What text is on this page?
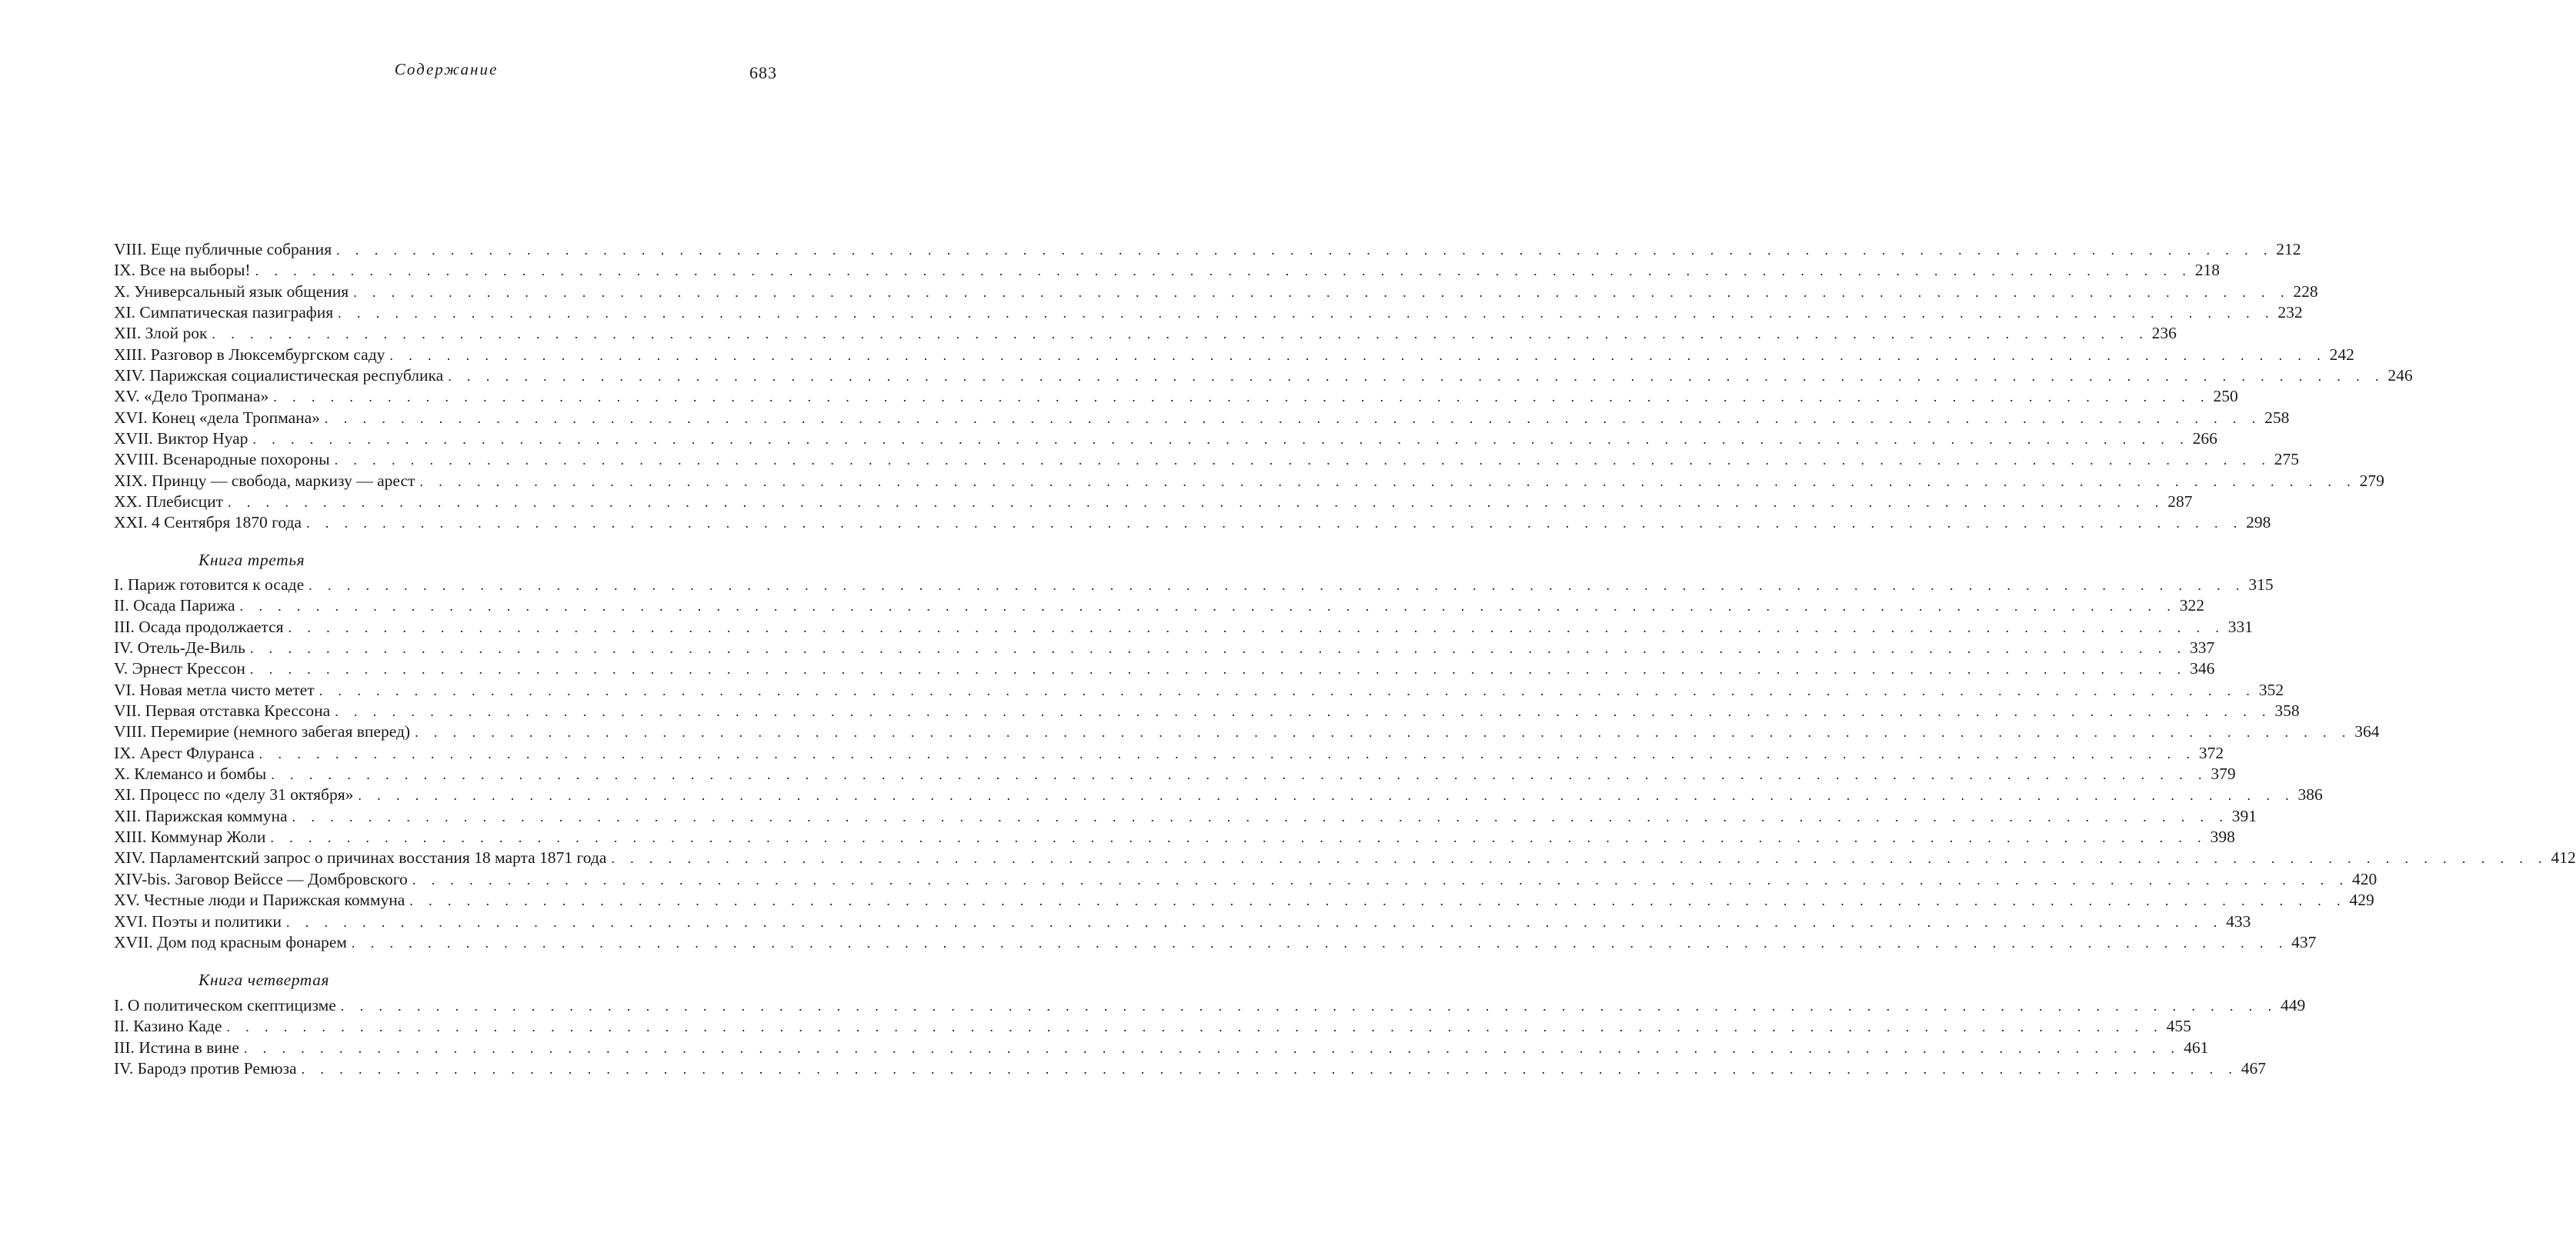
Содержание	683
VIII. Еще публичные собрания . . . . . . . . . . . . . . . . . . . . . . . . . . . . . . . . . . . . . . . . . . . . . . . . . . . . . . . . . . . . . . . . . . . . . . . . . . . . . . . . . . . . . . . . . . . . . . . . . . . . . . 212
IX. Все на выборы! . . . . . . . . . . . . . . . . . . . . . . . . . . . . . . . . . . . . . . . . . . . . . . . . . . . . . . . . . . . . . . . . . . . . . . . . . . . . . . . . . . . . . . . . . . . . . . . . . . . . . . 218
X. Универсальный язык общения . . . . . . . . . . . . . . . . . . . . . . . . . . . . . . . . . . . . . . . . . . . . . . . . . . . . . . . . . . . . . . . . . . . . . . . . . . . . . . . . . . . . . . . . . . . . . . . . . . . . . . 228
XI. Симпатическая пазиграфия . . . . . . . . . . . . . . . . . . . . . . . . . . . . . . . . . . . . . . . . . . . . . . . . . . . . . . . . . . . . . . . . . . . . . . . . . . . . . . . . . . . . . . . . . . . . . . . . . . . . . . 232
XII. Злой рок . . . . . . . . . . . . . . . . . . . . . . . . . . . . . . . . . . . . . . . . . . . . . . . . . . . . . . . . . . . . . . . . . . . . . . . . . . . . . . . . . . . . . . . . . . . . . . . . . . . . . . 236
XIII. Разговор в Люксембургском саду . . . . . . . . . . . . . . . . . . . . . . . . . . . . . . . . . . . . . . . . . . . . . . . . . . . . . . . . . . . . . . . . . . . . . . . . . . . . . . . . . . . . . . . . . . . . . . . . . . . . . . 242
XIV. Парижская социалистическая республика . . . . . . . . . . . . . . . . . . . . . . . . . . . . . . . . . . . . . . . . . . . . . . . . . . . . . . . . . . . . . . . . . . . . . . . . . . . . . . . . . . . . . . . . . . . . . . . . . . . . . . 246
XV. «Дело Тропмана» . . . . . . . . . . . . . . . . . . . . . . . . . . . . . . . . . . . . . . . . . . . . . . . . . . . . . . . . . . . . . . . . . . . . . . . . . . . . . . . . . . . . . . . . . . . . . . . . . . . . . . 250
XVI. Конец «дела Тропмана» . . . . . . . . . . . . . . . . . . . . . . . . . . . . . . . . . . . . . . . . . . . . . . . . . . . . . . . . . . . . . . . . . . . . . . . . . . . . . . . . . . . . . . . . . . . . . . . . . . . . . . 258
XVII. Виктор Нуар . . . . . . . . . . . . . . . . . . . . . . . . . . . . . . . . . . . . . . . . . . . . . . . . . . . . . . . . . . . . . . . . . . . . . . . . . . . . . . . . . . . . . . . . . . . . . . . . . . . . . . 266
XVIII. Всенародные похороны . . . . . . . . . . . . . . . . . . . . . . . . . . . . . . . . . . . . . . . . . . . . . . . . . . . . . . . . . . . . . . . . . . . . . . . . . . . . . . . . . . . . . . . . . . . . . . . . . . . . . . 275
XIX. Принцу — свобода, маркизу — арест . . . . . . . . . . . . . . . . . . . . . . . . . . . . . . . . . . . . . . . . . . . . . . . . . . . . . . . . . . . . . . . . . . . . . . . . . . . . . . . . . . . . . . . . . . . . . . . . . . . . . . 279
XX. Плебисцит . . . . . . . . . . . . . . . . . . . . . . . . . . . . . . . . . . . . . . . . . . . . . . . . . . . . . . . . . . . . . . . . . . . . . . . . . . . . . . . . . . . . . . . . . . . . . . . . . . . . . . 287
XXI. 4 Сентября 1870 года . . . . . . . . . . . . . . . . . . . . . . . . . . . . . . . . . . . . . . . . . . . . . . . . . . . . . . . . . . . . . . . . . . . . . . . . . . . . . . . . . . . . . . . . . . . . . . . . . . . . . . 298
Книга третья
I. Париж готовится к осаде . . . . . . . . . . . . . . . . . . . . . . . . . . . . . . . . . . . . . . . . . . . . . . . . . . . . . . . . . . . . . . . . . . . . . . . . . . . . . . . . . . . . . . . . . . . . . . . . . . . . . . 315
II. Осада Парижа . . . . . . . . . . . . . . . . . . . . . . . . . . . . . . . . . . . . . . . . . . . . . . . . . . . . . . . . . . . . . . . . . . . . . . . . . . . . . . . . . . . . . . . . . . . . . . . . . . . . . . 322
III. Осада продолжается . . . . . . . . . . . . . . . . . . . . . . . . . . . . . . . . . . . . . . . . . . . . . . . . . . . . . . . . . . . . . . . . . . . . . . . . . . . . . . . . . . . . . . . . . . . . . . . . . . . . . . 331
IV. Отель-Де-Виль . . . . . . . . . . . . . . . . . . . . . . . . . . . . . . . . . . . . . . . . . . . . . . . . . . . . . . . . . . . . . . . . . . . . . . . . . . . . . . . . . . . . . . . . . . . . . . . . . . . . . . 337
V. Эрнест Крессон . . . . . . . . . . . . . . . . . . . . . . . . . . . . . . . . . . . . . . . . . . . . . . . . . . . . . . . . . . . . . . . . . . . . . . . . . . . . . . . . . . . . . . . . . . . . . . . . . . . . . . 346
VI. Новая метла чисто метет . . . . . . . . . . . . . . . . . . . . . . . . . . . . . . . . . . . . . . . . . . . . . . . . . . . . . . . . . . . . . . . . . . . . . . . . . . . . . . . . . . . . . . . . . . . . . . . . . . . . . . 352
VII. Первая отставка Крессона . . . . . . . . . . . . . . . . . . . . . . . . . . . . . . . . . . . . . . . . . . . . . . . . . . . . . . . . . . . . . . . . . . . . . . . . . . . . . . . . . . . . . . . . . . . . . . . . . . . . . . 358
VIII. Перемирие (немного забегая вперед) . . . . . . . . . . . . . . . . . . . . . . . . . . . . . . . . . . . . . . . . . . . . . . . . . . . . . . . . . . . . . . . . . . . . . . . . . . . . . . . . . . . . . . . . . . . . . . . . . . . . . . 364
IX. Арест Флуранса . . . . . . . . . . . . . . . . . . . . . . . . . . . . . . . . . . . . . . . . . . . . . . . . . . . . . . . . . . . . . . . . . . . . . . . . . . . . . . . . . . . . . . . . . . . . . . . . . . . . . . 372
X. Клемансо и бомбы . . . . . . . . . . . . . . . . . . . . . . . . . . . . . . . . . . . . . . . . . . . . . . . . . . . . . . . . . . . . . . . . . . . . . . . . . . . . . . . . . . . . . . . . . . . . . . . . . . . . . . 379
XI. Процесс по «делу 31 октября» . . . . . . . . . . . . . . . . . . . . . . . . . . . . . . . . . . . . . . . . . . . . . . . . . . . . . . . . . . . . . . . . . . . . . . . . . . . . . . . . . . . . . . . . . . . . . . . . . . . . . . 386
XII. Парижская коммуна . . . . . . . . . . . . . . . . . . . . . . . . . . . . . . . . . . . . . . . . . . . . . . . . . . . . . . . . . . . . . . . . . . . . . . . . . . . . . . . . . . . . . . . . . . . . . . . . . . . . . . 391
XIII. Коммунар Жоли . . . . . . . . . . . . . . . . . . . . . . . . . . . . . . . . . . . . . . . . . . . . . . . . . . . . . . . . . . . . . . . . . . . . . . . . . . . . . . . . . . . . . . . . . . . . . . . . . . . . . . 398
XIV. Парламентский запрос о причинах восстания 18 марта 1871 года . . . . . . . . . . . . . . . . . . . . . . . . . . . . . . . . . . . . . . . . . . . . . . . . . . . . . . . . . . . . . . . . . . . . . . . . . . . . . . . . . . . . . . . . . . . . . . . . . . . . . . 412
XIV-bis. Заговор Вейссе — Домбровского . . . . . . . . . . . . . . . . . . . . . . . . . . . . . . . . . . . . . . . . . . . . . . . . . . . . . . . . . . . . . . . . . . . . . . . . . . . . . . . . . . . . . . . . . . . . . . . . . . . . . . 420
XV. Честные люди и Парижская коммуна . . . . . . . . . . . . . . . . . . . . . . . . . . . . . . . . . . . . . . . . . . . . . . . . . . . . . . . . . . . . . . . . . . . . . . . . . . . . . . . . . . . . . . . . . . . . . . . . . . . . . . 429
XVI. Поэты и политики . . . . . . . . . . . . . . . . . . . . . . . . . . . . . . . . . . . . . . . . . . . . . . . . . . . . . . . . . . . . . . . . . . . . . . . . . . . . . . . . . . . . . . . . . . . . . . . . . . . . . . 433
XVII. Дом под красным фонарем . . . . . . . . . . . . . . . . . . . . . . . . . . . . . . . . . . . . . . . . . . . . . . . . . . . . . . . . . . . . . . . . . . . . . . . . . . . . . . . . . . . . . . . . . . . . . . . . . . . . . . 437
Книга четвертая
I. О политическом скептицизме . . . . . . . . . . . . . . . . . . . . . . . . . . . . . . . . . . . . . . . . . . . . . . . . . . . . . . . . . . . . . . . . . . . . . . . . . . . . . . . . . . . . . . . . . . . . . . . . . . . . . . 449
II. Казино Каде . . . . . . . . . . . . . . . . . . . . . . . . . . . . . . . . . . . . . . . . . . . . . . . . . . . . . . . . . . . . . . . . . . . . . . . . . . . . . . . . . . . . . . . . . . . . . . . . . . . . . . 455
III. Истина в вине . . . . . . . . . . . . . . . . . . . . . . . . . . . . . . . . . . . . . . . . . . . . . . . . . . . . . . . . . . . . . . . . . . . . . . . . . . . . . . . . . . . . . . . . . . . . . . . . . . . . . . 461
IV. Бародэ против Ремюза . . . . . . . . . . . . . . . . . . . . . . . . . . . . . . . . . . . . . . . . . . . . . . . . . . . . . . . . . . . . . . . . . . . . . . . . . . . . . . . . . . . . . . . . . . . . . . . . . . . . . . 467
